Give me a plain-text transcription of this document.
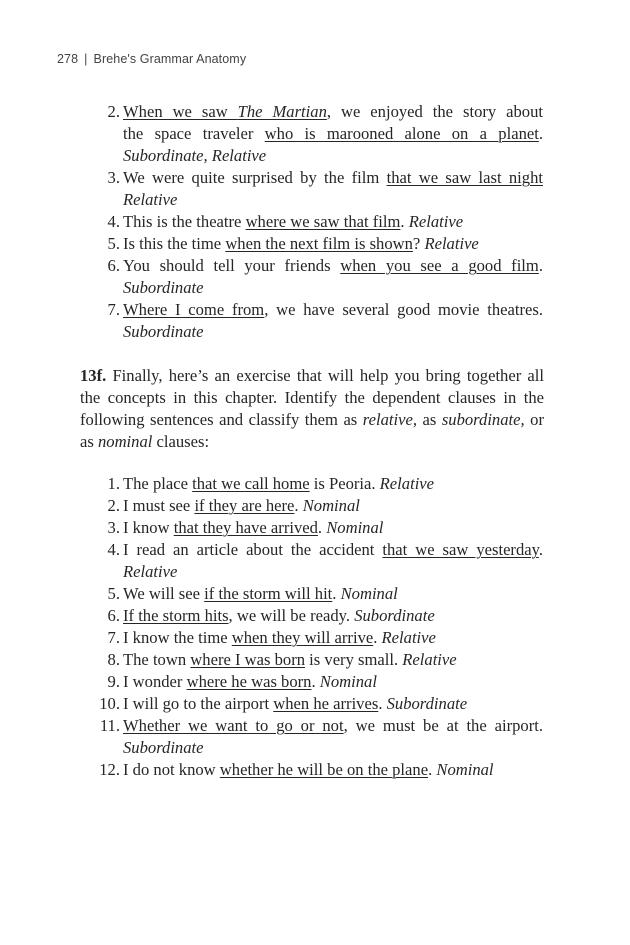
278 | Brehe's Grammar Anatomy
2. When we saw The Martian, we enjoyed the story about
the space traveler who is marooned alone on a planet.
Subordinate, Relative
3. We were quite surprised by the film that we saw last night
Relative
4. This is the theatre where we saw that film. Relative
5. Is this the time when the next film is shown? Relative
6. You should tell your friends when you see a good film.
Subordinate
7. Where I come from, we have several good movie theatres.
Subordinate

13f. Finally, here’s an exercise that will help you bring together all the concepts in this chapter. Identify the dependent clauses in the following sentences and classify them as relative, as subordinate, or as nominal clauses:

1. The place that we call home is Peoria. Relative
2. I must see if they are here. Nominal
3. I know that they have arrived. Nominal
4. I read an article about the accident that we saw yesterday.
Relative
5. We will see if the storm will hit. Nominal
6. If the storm hits, we will be ready. Subordinate
7. I know the time when they will arrive. Relative
8. The town where I was born is very small. Relative
9. I wonder where he was born. Nominal
10. I will go to the airport when he arrives. Subordinate
11. Whether we want to go or not, we must be at the airport.
Subordinate
12. I do not know whether he will be on the plane. Nominal
